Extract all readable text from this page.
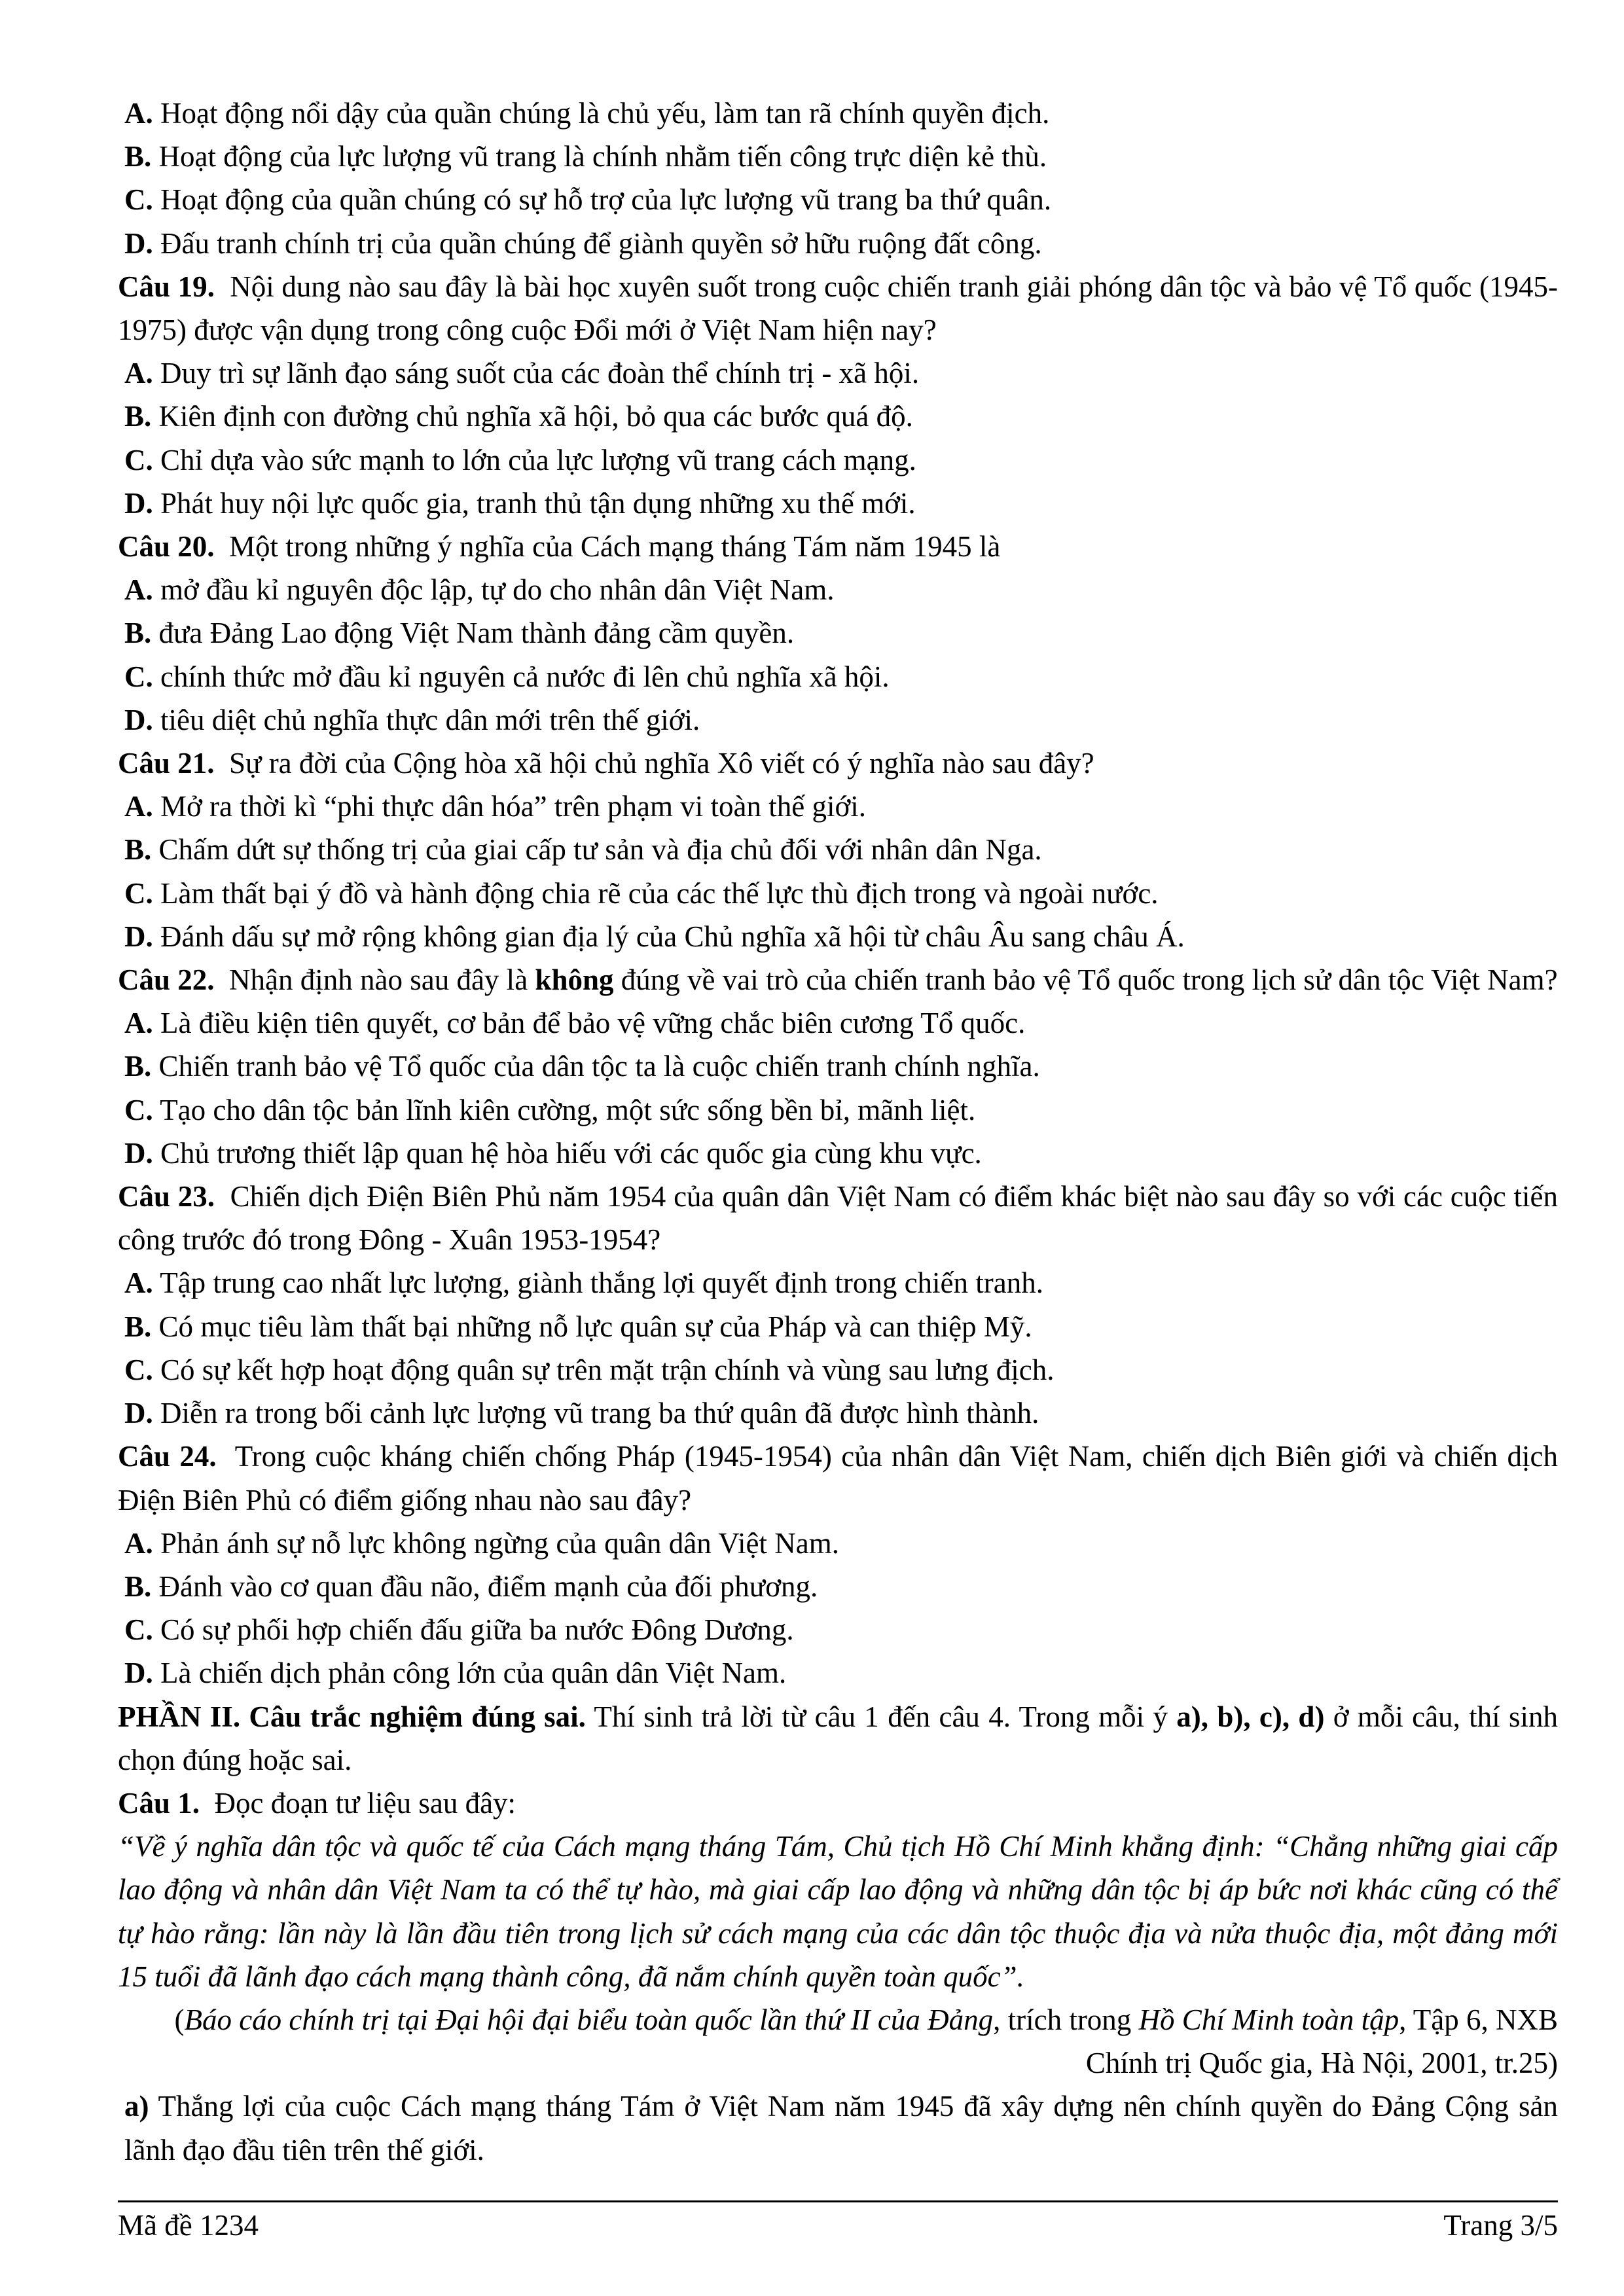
A. Hoạt động nổi dậy của quần chúng là chủ yếu, làm tan rã chính quyền địch.

B. Hoạt động của lực lượng vũ trang là chính nhằm tiến công trực diện kẻ thù.

C. Hoạt động của quần chúng có sự hỗ trợ của lực lượng vũ trang ba thứ quân.

D. Đấu tranh chính trị của quần chúng để giành quyền sở hữu ruộng đất công.

Câu 19. Nội dung nào sau đây là bài học xuyên suốt trong cuộc chiến tranh giải phóng dân tộc và bảo vệ Tổ quốc (1945-1975) được vận dụng trong công cuộc Đổi mới ở Việt Nam hiện nay?

A. Duy trì sự lãnh đạo sáng suốt của các đoàn thể chính trị - xã hội.

B. Kiên định con đường chủ nghĩa xã hội, bỏ qua các bước quá độ.

C. Chỉ dựa vào sức mạnh to lớn của lực lượng vũ trang cách mạng.

D. Phát huy nội lực quốc gia, tranh thủ tận dụng những xu thế mới.

Câu 20. Một trong những ý nghĩa của Cách mạng tháng Tám năm 1945 là

A. mở đầu kỉ nguyên độc lập, tự do cho nhân dân Việt Nam.

B. đưa Đảng Lao động Việt Nam thành đảng cầm quyền.

C. chính thức mở đầu kỉ nguyên cả nước đi lên chủ nghĩa xã hội.

D. tiêu diệt chủ nghĩa thực dân mới trên thế giới.

Câu 21. Sự ra đời của Cộng hòa xã hội chủ nghĩa Xô viết có ý nghĩa nào sau đây?

A. Mở ra thời kì “phi thực dân hóa” trên phạm vi toàn thế giới.

B. Chấm dứt sự thống trị của giai cấp tư sản và địa chủ đối với nhân dân Nga.

C. Làm thất bại ý đồ và hành động chia rẽ của các thế lực thù địch trong và ngoài nước.

D. Đánh dấu sự mở rộng không gian địa lý của Chủ nghĩa xã hội từ châu Âu sang châu Á.

Câu 22. Nhận định nào sau đây là không đúng về vai trò của chiến tranh bảo vệ Tổ quốc trong lịch sử dân tộc Việt Nam?

A. Là điều kiện tiên quyết, cơ bản để bảo vệ vững chắc biên cương Tổ quốc.

B. Chiến tranh bảo vệ Tổ quốc của dân tộc ta là cuộc chiến tranh chính nghĩa.

C. Tạo cho dân tộc bản lĩnh kiên cường, một sức sống bền bỉ, mãnh liệt.

D. Chủ trương thiết lập quan hệ hòa hiếu với các quốc gia cùng khu vực.

Câu 23. Chiến dịch Điện Biên Phủ năm 1954 của quân dân Việt Nam có điểm khác biệt nào sau đây so với các cuộc tiến công trước đó trong Đông - Xuân 1953-1954?

A. Tập trung cao nhất lực lượng, giành thắng lợi quyết định trong chiến tranh.

B. Có mục tiêu làm thất bại những nỗ lực quân sự của Pháp và can thiệp Mỹ.

C. Có sự kết hợp hoạt động quân sự trên mặt trận chính và vùng sau lưng địch.

D. Diễn ra trong bối cảnh lực lượng vũ trang ba thứ quân đã được hình thành.

Câu 24. Trong cuộc kháng chiến chống Pháp (1945-1954) của nhân dân Việt Nam, chiến dịch Biên giới và chiến dịch Điện Biên Phủ có điểm giống nhau nào sau đây?

A. Phản ánh sự nỗ lực không ngừng của quân dân Việt Nam.

B. Đánh vào cơ quan đầu não, điểm mạnh của đối phương.

C. Có sự phối hợp chiến đấu giữa ba nước Đông Dương.

D. Là chiến dịch phản công lớn của quân dân Việt Nam.

PHẦN II. Câu trắc nghiệm đúng sai. Thí sinh trả lời từ câu 1 đến câu 4. Trong mỗi ý a), b), c), d) ở mỗi câu, thí sinh chọn đúng hoặc sai.

Câu 1. Đọc đoạn tư liệu sau đây:

“Về ý nghĩa dân tộc và quốc tế của Cách mạng tháng Tám, Chủ tịch Hồ Chí Minh khẳng định: “Chẳng những giai cấp lao động và nhân dân Việt Nam ta có thể tự hào, mà giai cấp lao động và những dân tộc bị áp bức nơi khác cũng có thể tự hào rằng: lần này là lần đầu tiên trong lịch sử cách mạng của các dân tộc thuộc địa và nửa thuộc địa, một đảng mới 15 tuổi đã lãnh đạo cách mạng thành công, đã nắm chính quyền toàn quốc”.

(Báo cáo chính trị tại Đại hội đại biểu toàn quốc lần thứ II của Đảng, trích trong Hồ Chí Minh toàn tập, Tập 6, NXB Chính trị Quốc gia, Hà Nội, 2001, tr.25)

a) Thắng lợi của cuộc Cách mạng tháng Tám ở Việt Nam năm 1945 đã xây dựng nên chính quyền do Đảng Cộng sản lãnh đạo đầu tiên trên thế giới.

Mã đề 1234	Trang 3/5
